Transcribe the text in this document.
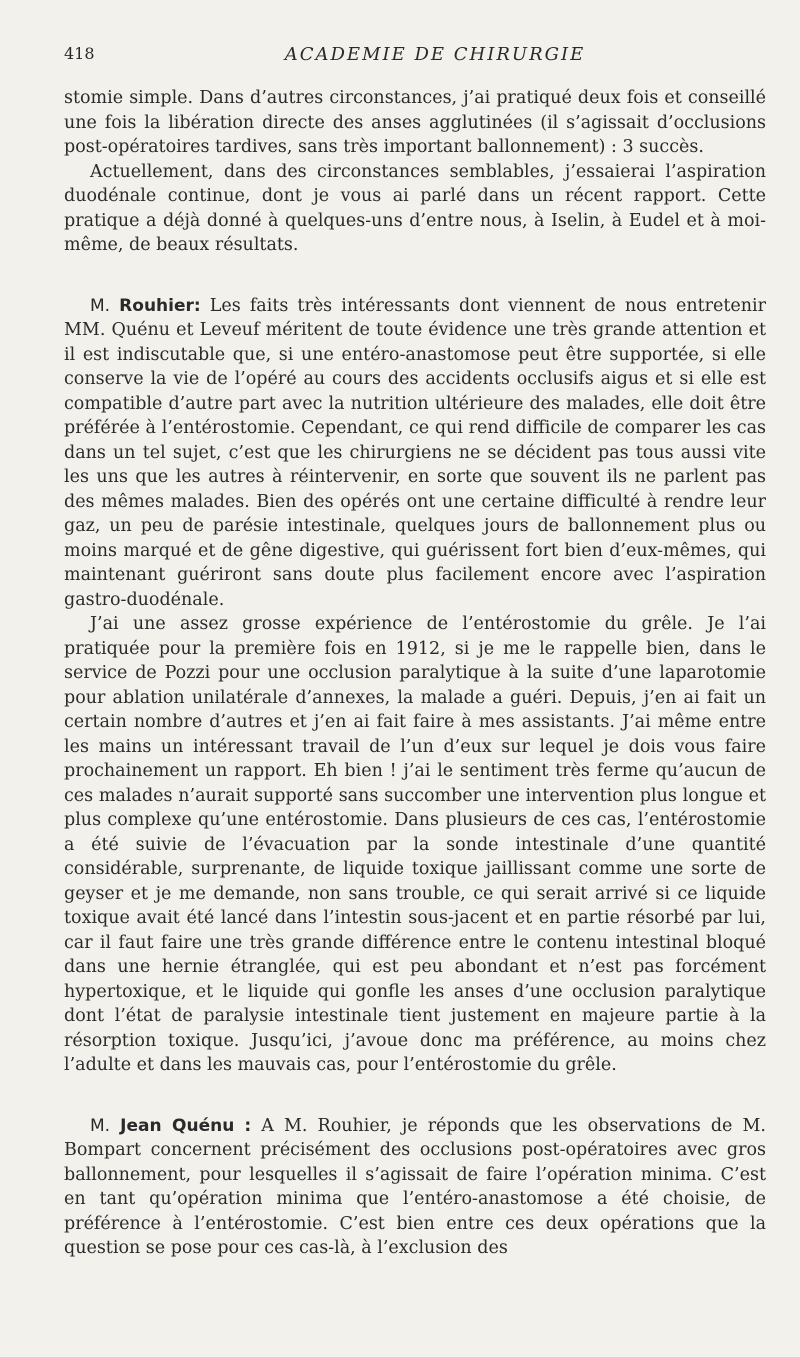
418	ACADEMIE DE CHIRURGIE

stomie simple. Dans d’autres circonstances, j’ai pratiqué deux fois et conseillé une fois la libération directe des anses agglutinées (il s’agissait d’occlusions post-opératoires tardives, sans très important ballonnement) : 3 succès.

Actuellement, dans des circonstances semblables, j’essaierai l’aspiration duodénale continue, dont je vous ai parlé dans un récent rapport. Cette pratique a déjà donné à quelques-uns d’entre nous, à Iselin, à Eudel et à moi-même, de beaux résultats.

M. Rouhier: Les faits très intéressants dont viennent de nous entretenir MM. Quénu et Leveuf méritent de toute évidence une très grande attention et il est indiscutable que, si une entéro-anastomose peut être supportée, si elle conserve la vie de l’opéré au cours des accidents occlusifs aigus et si elle est compatible d’autre part avec la nutrition ultérieure des malades, elle doit être préférée à l’entérostomie. Cependant, ce qui rend difficile de comparer les cas dans un tel sujet, c’est que les chirurgiens ne se décident pas tous aussi vite les uns que les autres à réintervenir, en sorte que souvent ils ne parlent pas des mêmes malades. Bien des opérés ont une certaine difficulté à rendre leur gaz, un peu de parésie intestinale, quelques jours de ballonnement plus ou moins marqué et de gêne digestive, qui guérissent fort bien d’eux-mêmes, qui maintenant guériront sans doute plus facilement encore avec l’aspiration gastro-duodénale.

J’ai une assez grosse expérience de l’entérostomie du grêle. Je l’ai pratiquée pour la première fois en 1912, si je me le rappelle bien, dans le service de Pozzi pour une occlusion paralytique à la suite d’une laparotomie pour ablation unilatérale d’annexes, la malade a guéri. Depuis, j’en ai fait un certain nombre d’autres et j’en ai fait faire à mes assistants. J’ai même entre les mains un intéressant travail de l’un d’eux sur lequel je dois vous faire prochainement un rapport. Eh bien ! j’ai le sentiment très ferme qu’aucun de ces malades n’aurait supporté sans succomber une intervention plus longue et plus complexe qu’une entérostomie. Dans plusieurs de ces cas, l’entérostomie a été suivie de l’évacuation par la sonde intestinale d’une quantité considérable, surprenante, de liquide toxique jaillissant comme une sorte de geyser et je me demande, non sans trouble, ce qui serait arrivé si ce liquide toxique avait été lancé dans l’intestin sous-jacent et en partie résorbé par lui, car il faut faire une très grande différence entre le contenu intestinal bloqué dans une hernie étranglée, qui est peu abondant et n’est pas forcément hypertoxique, et le liquide qui gonfle les anses d’une occlusion paralytique dont l’état de paralysie intestinale tient justement en majeure partie à la résorption toxique. Jusqu’ici, j’avoue donc ma préférence, au moins chez l’adulte et dans les mauvais cas, pour l’entérostomie du grêle.

M. Jean Quénu : A M. Rouhier, je réponds que les observations de M. Bompart concernent précisément des occlusions post-opératoires avec gros ballonnement, pour lesquelles il s’agissait de faire l’opération minima. C’est en tant qu’opération minima que l’entéro-anastomose a été choisie, de préférence à l’entérostomie. C’est bien entre ces deux opérations que la question se pose pour ces cas-là, à l’exclusion des
